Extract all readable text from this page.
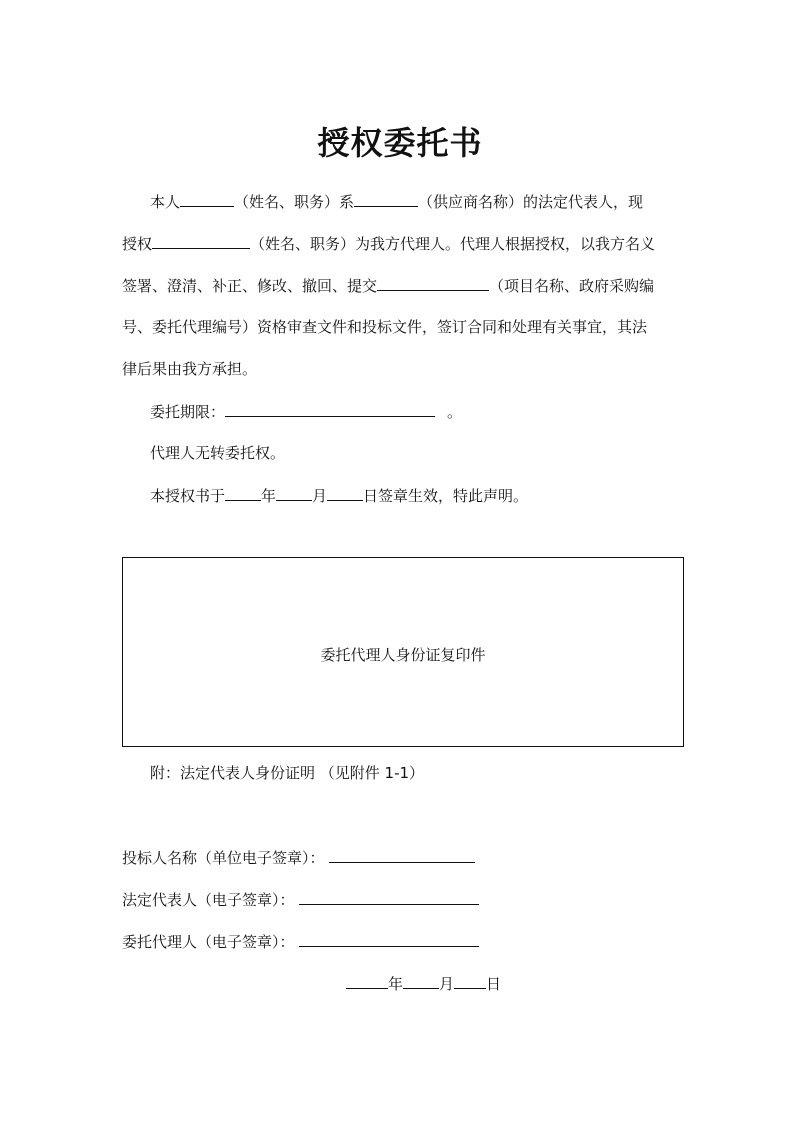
授权委托书
本人	（姓名、职务）系	（供应商名称）的法定代表人，现
授权	（姓名、职务）为我方代理人。代理人根据授权，以我方名义
签署、澄清、补正、修改、撤回、提交	（项目名称、政府采购编
号、委托代理编号）资格审查文件和投标文件，签订合同和处理有关事宜，其法
律后果由我方承担。
委托期限：	。
代理人无转委托权。
本授权书于 年 月 日签章生效，特此声明。
委托代理人身份证复印件
附：法定代表人身份证明 （见附件 1-1）
投标人名称（单位电子签章）：
法定代表人（电子签章）：
委托代理人（电子签章）：
年 月 日
